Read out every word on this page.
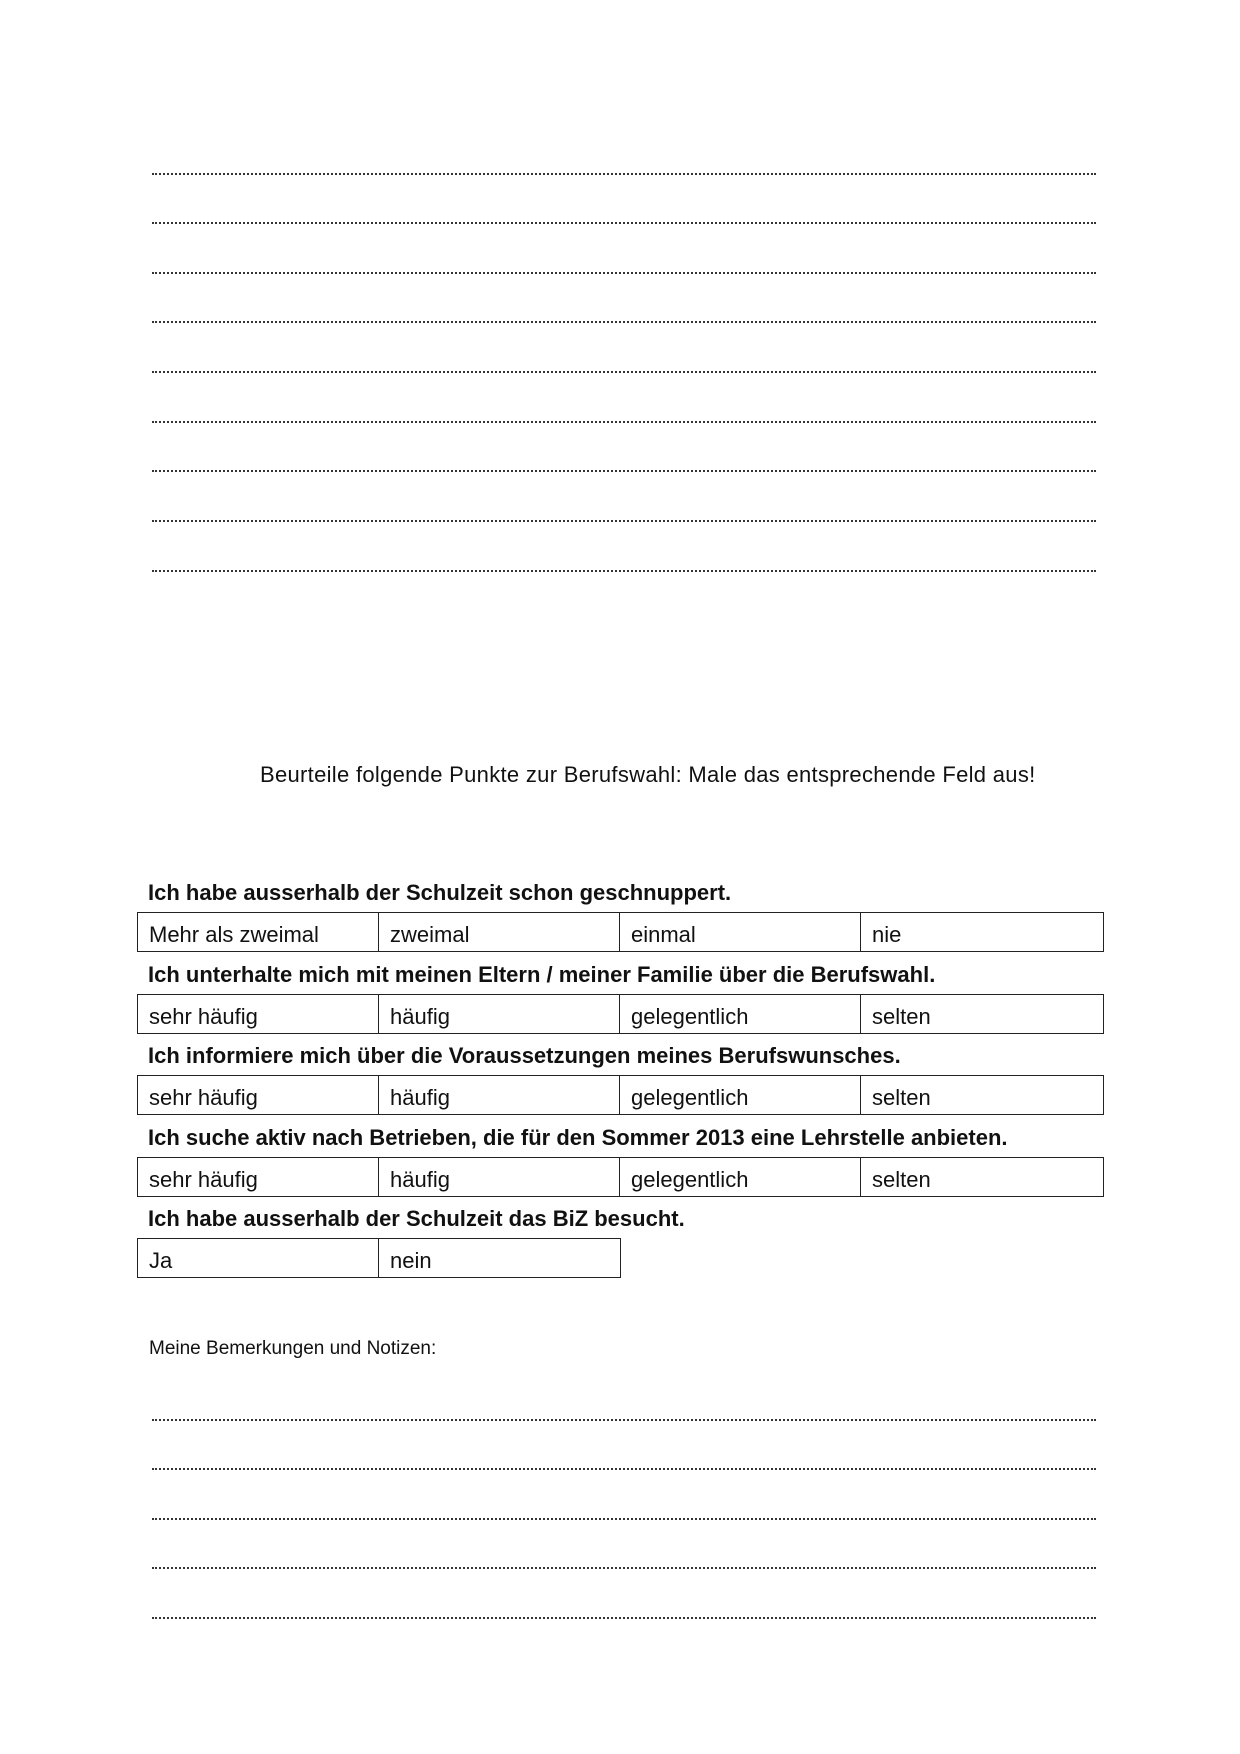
Beurteile folgende Punkte zur Berufswahl: Male das entsprechende Feld aus!
Ich habe ausserhalb der Schulzeit schon geschnuppert.
Mehr als zweimal	zweimal	einmal	nie
Ich unterhalte mich mit meinen Eltern / meiner Familie über die Berufswahl.
sehr häufig	häufig	gelegentlich	selten
Ich informiere mich über die Voraussetzungen meines Berufswunsches.
sehr häufig	häufig	gelegentlich	selten
Ich suche aktiv nach Betrieben, die für den Sommer 2013 eine Lehrstelle anbieten.
sehr häufig	häufig	gelegentlich	selten
Ich habe ausserhalb der Schulzeit das BiZ besucht.
Ja	nein
Meine Bemerkungen und Notizen:
